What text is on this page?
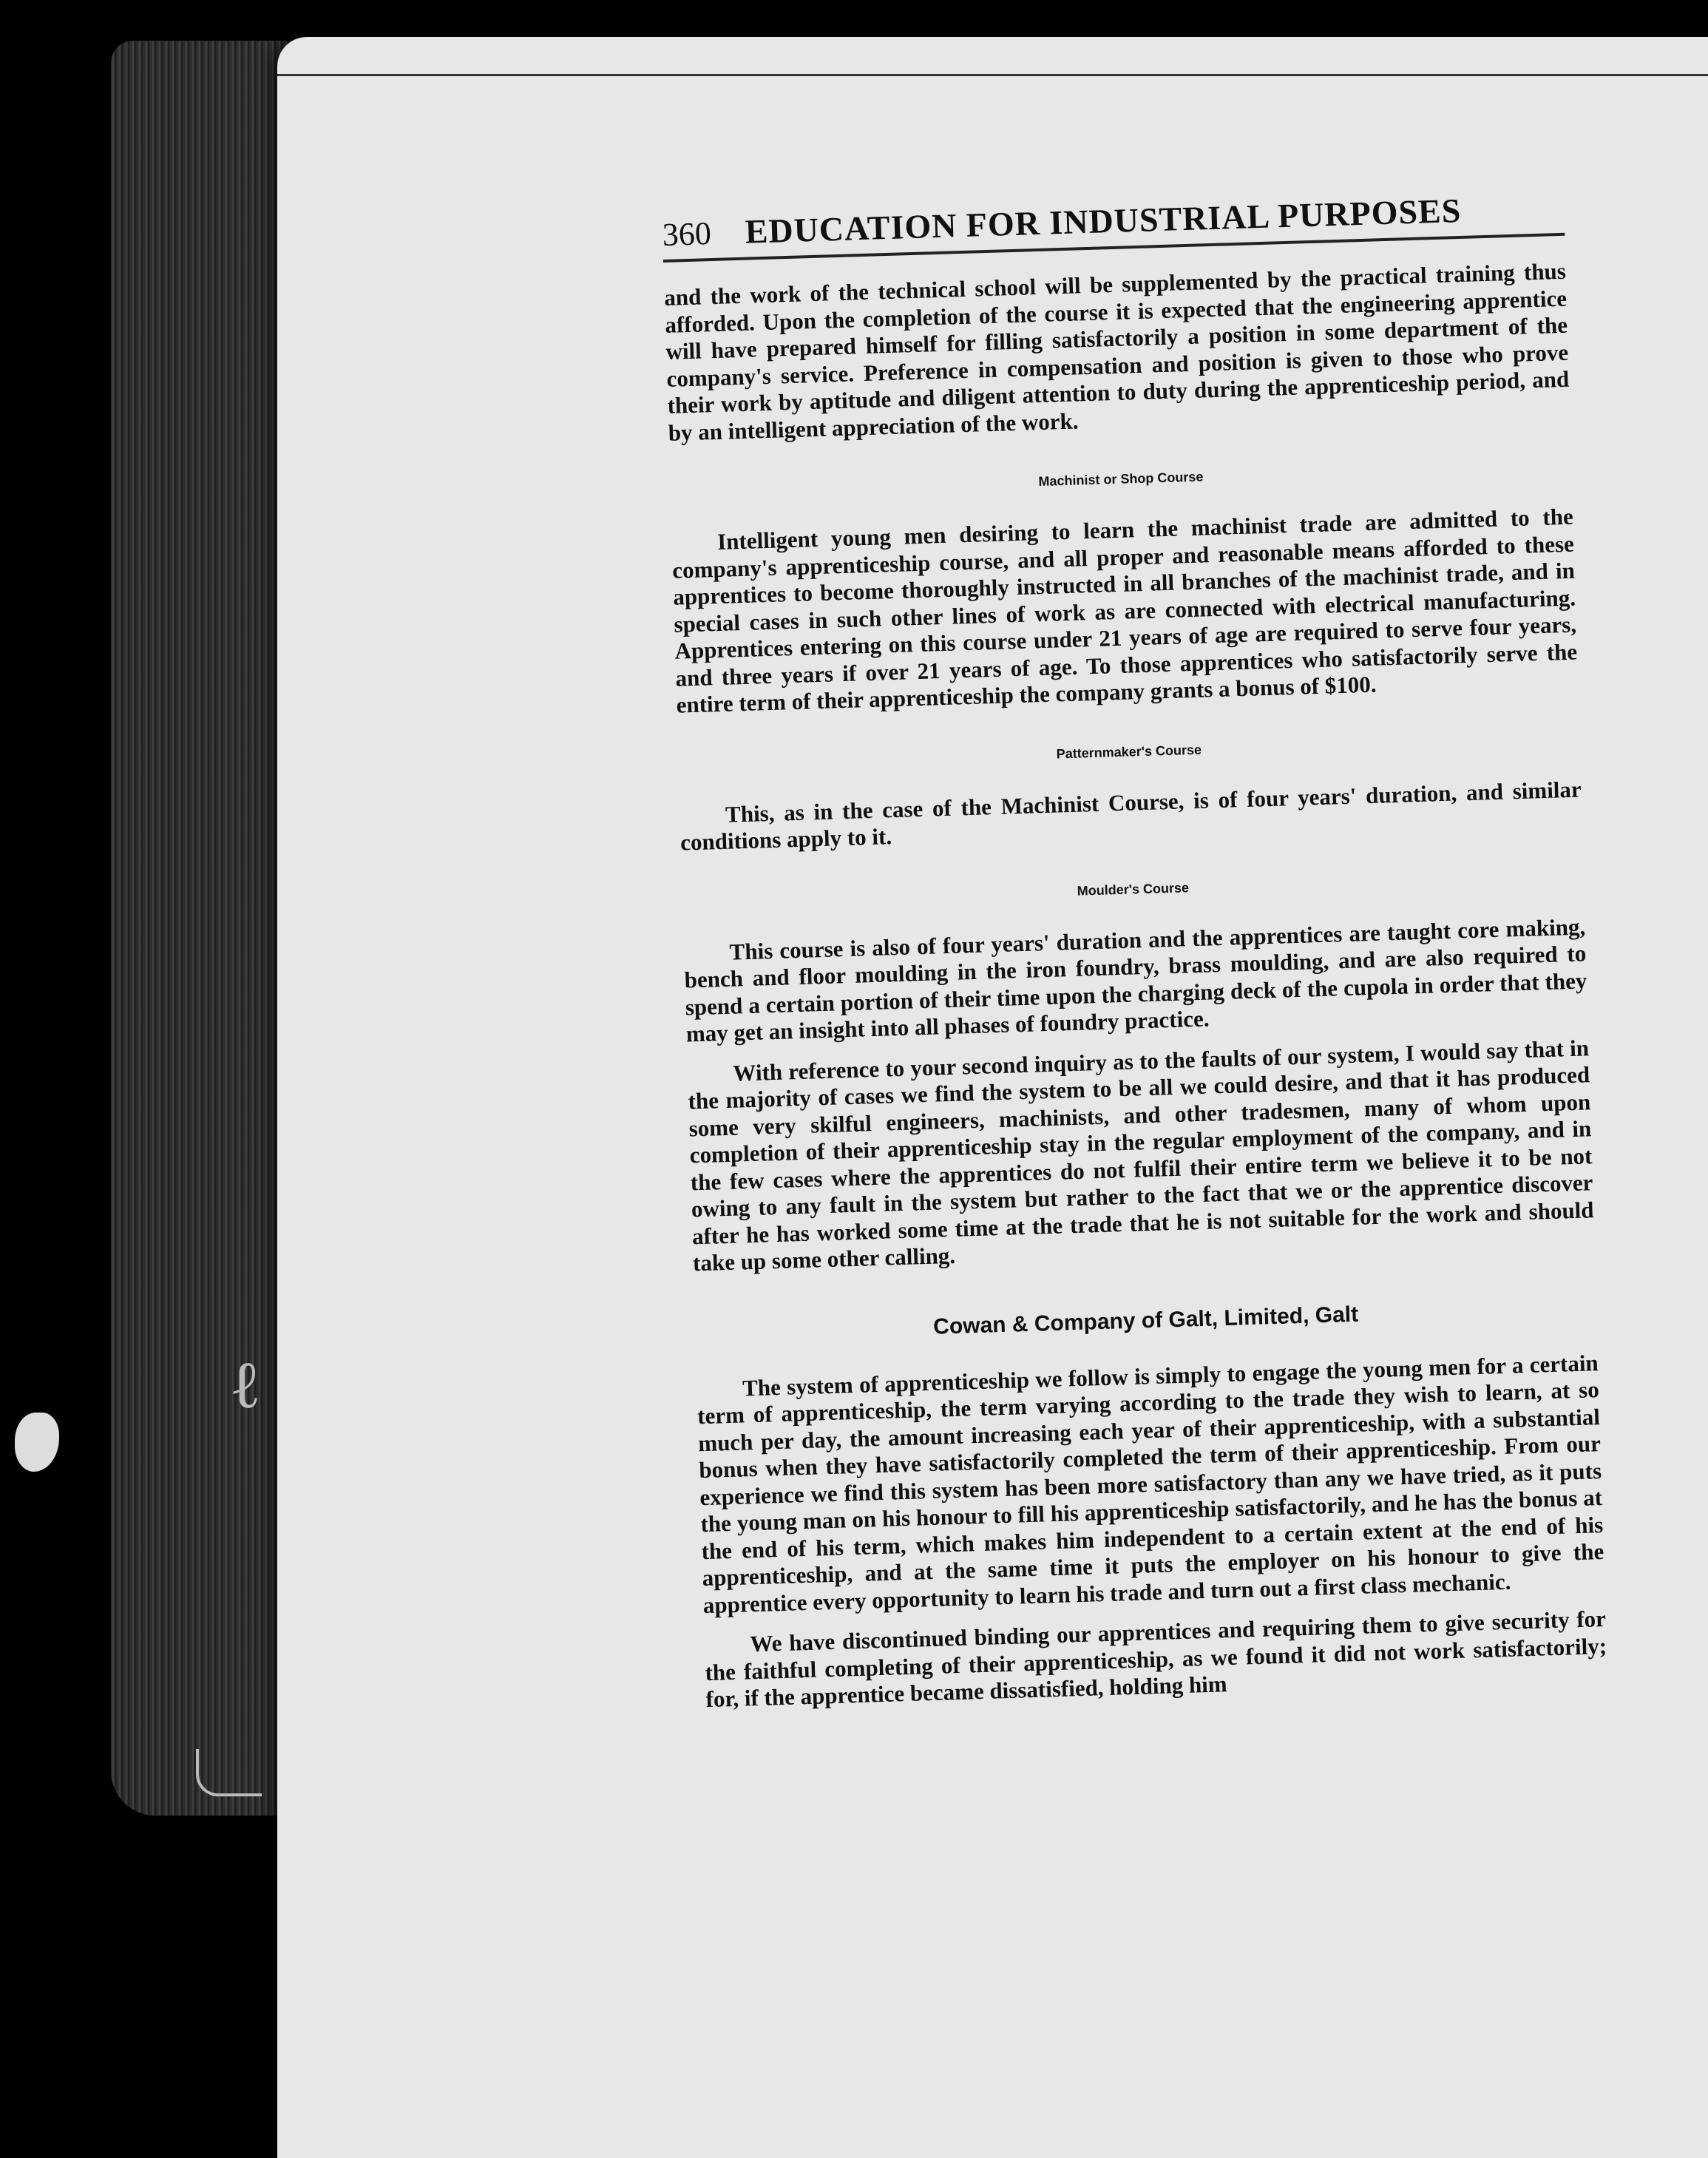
ℓ
360 EDUCATION FOR INDUSTRIAL PURPOSES

and the work of the technical school will be supplemented by the practical training thus afforded. Upon the completion of the course it is expected that the engineering apprentice will have prepared himself for filling satisfactorily a position in some department of the company's service. Preference in compensation and position is given to those who prove their work by aptitude and diligent attention to duty during the apprenticeship period, and by an intelligent appreciation of the work.

Machinist or Shop Course

Intelligent young men desiring to learn the machinist trade are admitted to the company's apprenticeship course, and all proper and reasonable means afforded to these apprentices to become thoroughly instructed in all branches of the machinist trade, and in special cases in such other lines of work as are connected with electrical manufacturing. Apprentices entering on this course under 21 years of age are required to serve four years, and three years if over 21 years of age. To those apprentices who satisfactorily serve the entire term of their apprenticeship the company grants a bonus of $100.

Patternmaker's Course

This, as in the case of the Machinist Course, is of four years' duration, and similar conditions apply to it.

Moulder's Course

This course is also of four years' duration and the apprentices are taught core making, bench and floor moulding in the iron foundry, brass moulding, and are also required to spend a certain portion of their time upon the charging deck of the cupola in order that they may get an insight into all phases of foundry practice.

With reference to your second inquiry as to the faults of our system, I would say that in the majority of cases we find the system to be all we could desire, and that it has produced some very skilful engineers, machinists, and other tradesmen, many of whom upon completion of their apprenticeship stay in the regular employment of the company, and in the few cases where the apprentices do not fulfil their entire term we believe it to be not owing to any fault in the system but rather to the fact that we or the apprentice discover after he has worked some time at the trade that he is not suitable for the work and should take up some other calling.

Cowan & Company of Galt, Limited, Galt

The system of apprenticeship we follow is simply to engage the young men for a certain term of apprenticeship, the term varying according to the trade they wish to learn, at so much per day, the amount increasing each year of their apprenticeship, with a substantial bonus when they have satisfactorily completed the term of their apprenticeship. From our experience we find this system has been more satisfactory than any we have tried, as it puts the young man on his honour to fill his apprenticeship satisfactorily, and he has the bonus at the end of his term, which makes him independent to a certain extent at the end of his apprenticeship, and at the same time it puts the employer on his honour to give the apprentice every opportunity to learn his trade and turn out a first class mechanic.

We have discontinued binding our apprentices and requiring them to give security for the faithful completing of their apprenticeship, as we found it did not work satisfactorily; for, if the apprentice became dissatisfied, holding him
